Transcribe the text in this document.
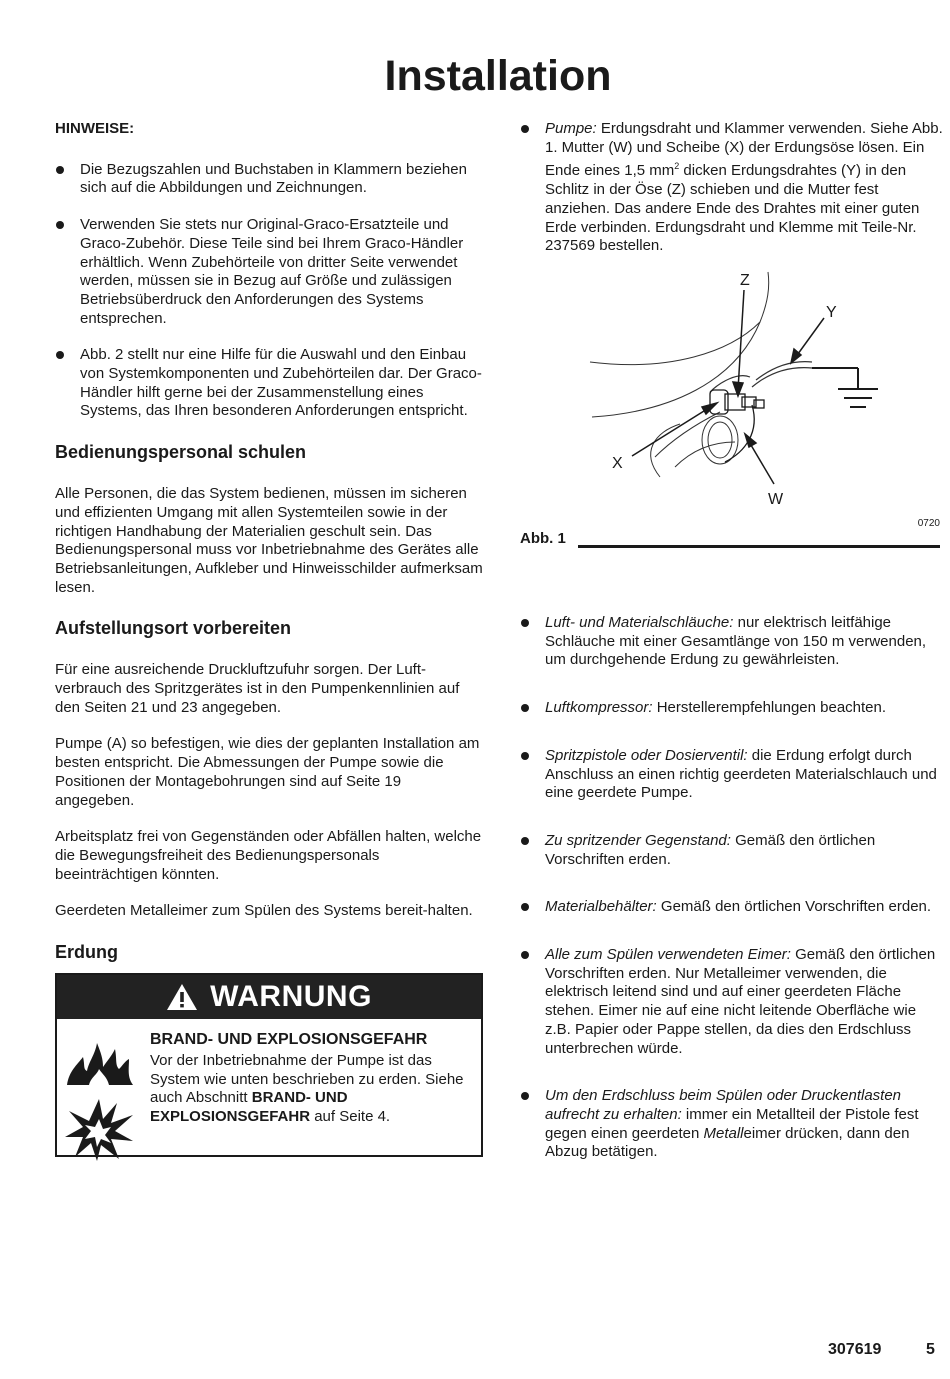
Installation

HINWEISE:

Die Bezugszahlen und Buchstaben in Klammern beziehen sich auf die Abbildungen und Zeichnungen.

Verwenden Sie stets nur Original-Graco-Ersatzteile und Graco-Zubehör. Diese Teile sind bei Ihrem Graco-Händler erhältlich. Wenn Zubehörteile von dritter Seite verwendet werden, müssen sie in Bezug auf Größe und zulässigen Betriebsüberdruck den Anforderungen des Systems entsprechen.

Abb. 2 stellt nur eine Hilfe für die Auswahl und den Einbau von Systemkomponenten und Zubehörteilen dar. Der Graco- Händler hilft gerne bei der Zusammenstellung eines Systems, das Ihren besonderen Anforderungen entspricht.

Bedienungspersonal schulen

Alle Personen, die das System bedienen, müssen im sicheren und effizienten Umgang mit allen Systemteilen sowie in der richtigen Handhabung der Materialien geschult sein. Das Bedienungspersonal muss vor Inbetriebnahme des Gerätes alle Betriebsanleitungen, Aufkleber und Hinweisschilder aufmerksam lesen.

Aufstellungsort vorbereiten

Für eine ausreichende Druckluftzufuhr sorgen. Der Luft-verbrauch des Spritzgerätes ist in den Pumpenkennlinien auf den Seiten 21 und 23 angegeben.

Pumpe (A) so befestigen, wie dies der geplanten Installation am besten entspricht. Die Abmessungen der Pumpe sowie die Positionen der Montagebohrungen sind auf Seite 19 angegeben.

Arbeitsplatz frei von Gegenständen oder Abfällen halten, welche die Bewegungsfreiheit des Bedienungspersonals beeinträchtigen könnten.

Geerdeten Metalleimer zum Spülen des Systems bereit-halten.

Erdung
WARNUNG

BRAND- UND EXPLOSIONSGEFAHR

Vor der Inbetriebnahme der Pumpe ist das System wie unten beschrieben zu erden. Siehe auch Abschnitt BRAND- UND EXPLOSIONSGEFAHR auf Seite 4.

Pumpe: Erdungsdraht und Klammer verwenden. Siehe Abb. 1. Mutter (W) und Scheibe (X) der Erdungsöse lösen. Ein Ende eines 1,5 $mm^2$ dicken Erdungsdrahtes (Y) in den Schlitz in der Öse (Z) schieben und die Mutter fest anziehen. Das andere Ende des Drahtes mit einer guten Erde verbinden. Erdungsdraht und Klemme mit Teile-Nr. 237569 bestellen.

Z
Y
X
W
0720
Abb. 1

Luft- und Materialschläuche: nur elektrisch leitfähige Schläuche mit einer Gesamtlänge von 150 m verwenden, um durchgehende Erdung zu gewährleisten.

Luftkompressor: Herstellerempfehlungen beachten.

Spritzpistole oder Dosierventil: die Erdung erfolgt durch Anschluss an einen richtig geerdeten Materialschlauch und eine geerdete Pumpe.

Zu spritzender Gegenstand: Gemäß den örtlichen Vorschriften erden.

Materialbehälter: Gemäß den örtlichen Vorschriften erden.

Alle zum Spülen verwendeten Eimer: Gemäß den örtlichen Vorschriften erden. Nur Metalleimer verwenden, die elektrisch leitend sind und auf einer geerdeten Fläche stehen. Eimer nie auf eine nicht leitende Oberfläche wie z.B. Papier oder Pappe stellen, da dies den Erdschluss unterbrechen würde.

Um den Erdschluss beim Spülen oder Druckentlasten aufrecht zu erhalten: immer ein Metallteil der Pistole fest gegen einen geerdeten Metalleimer drücken, dann den Abzug betätigen.

307619	5
